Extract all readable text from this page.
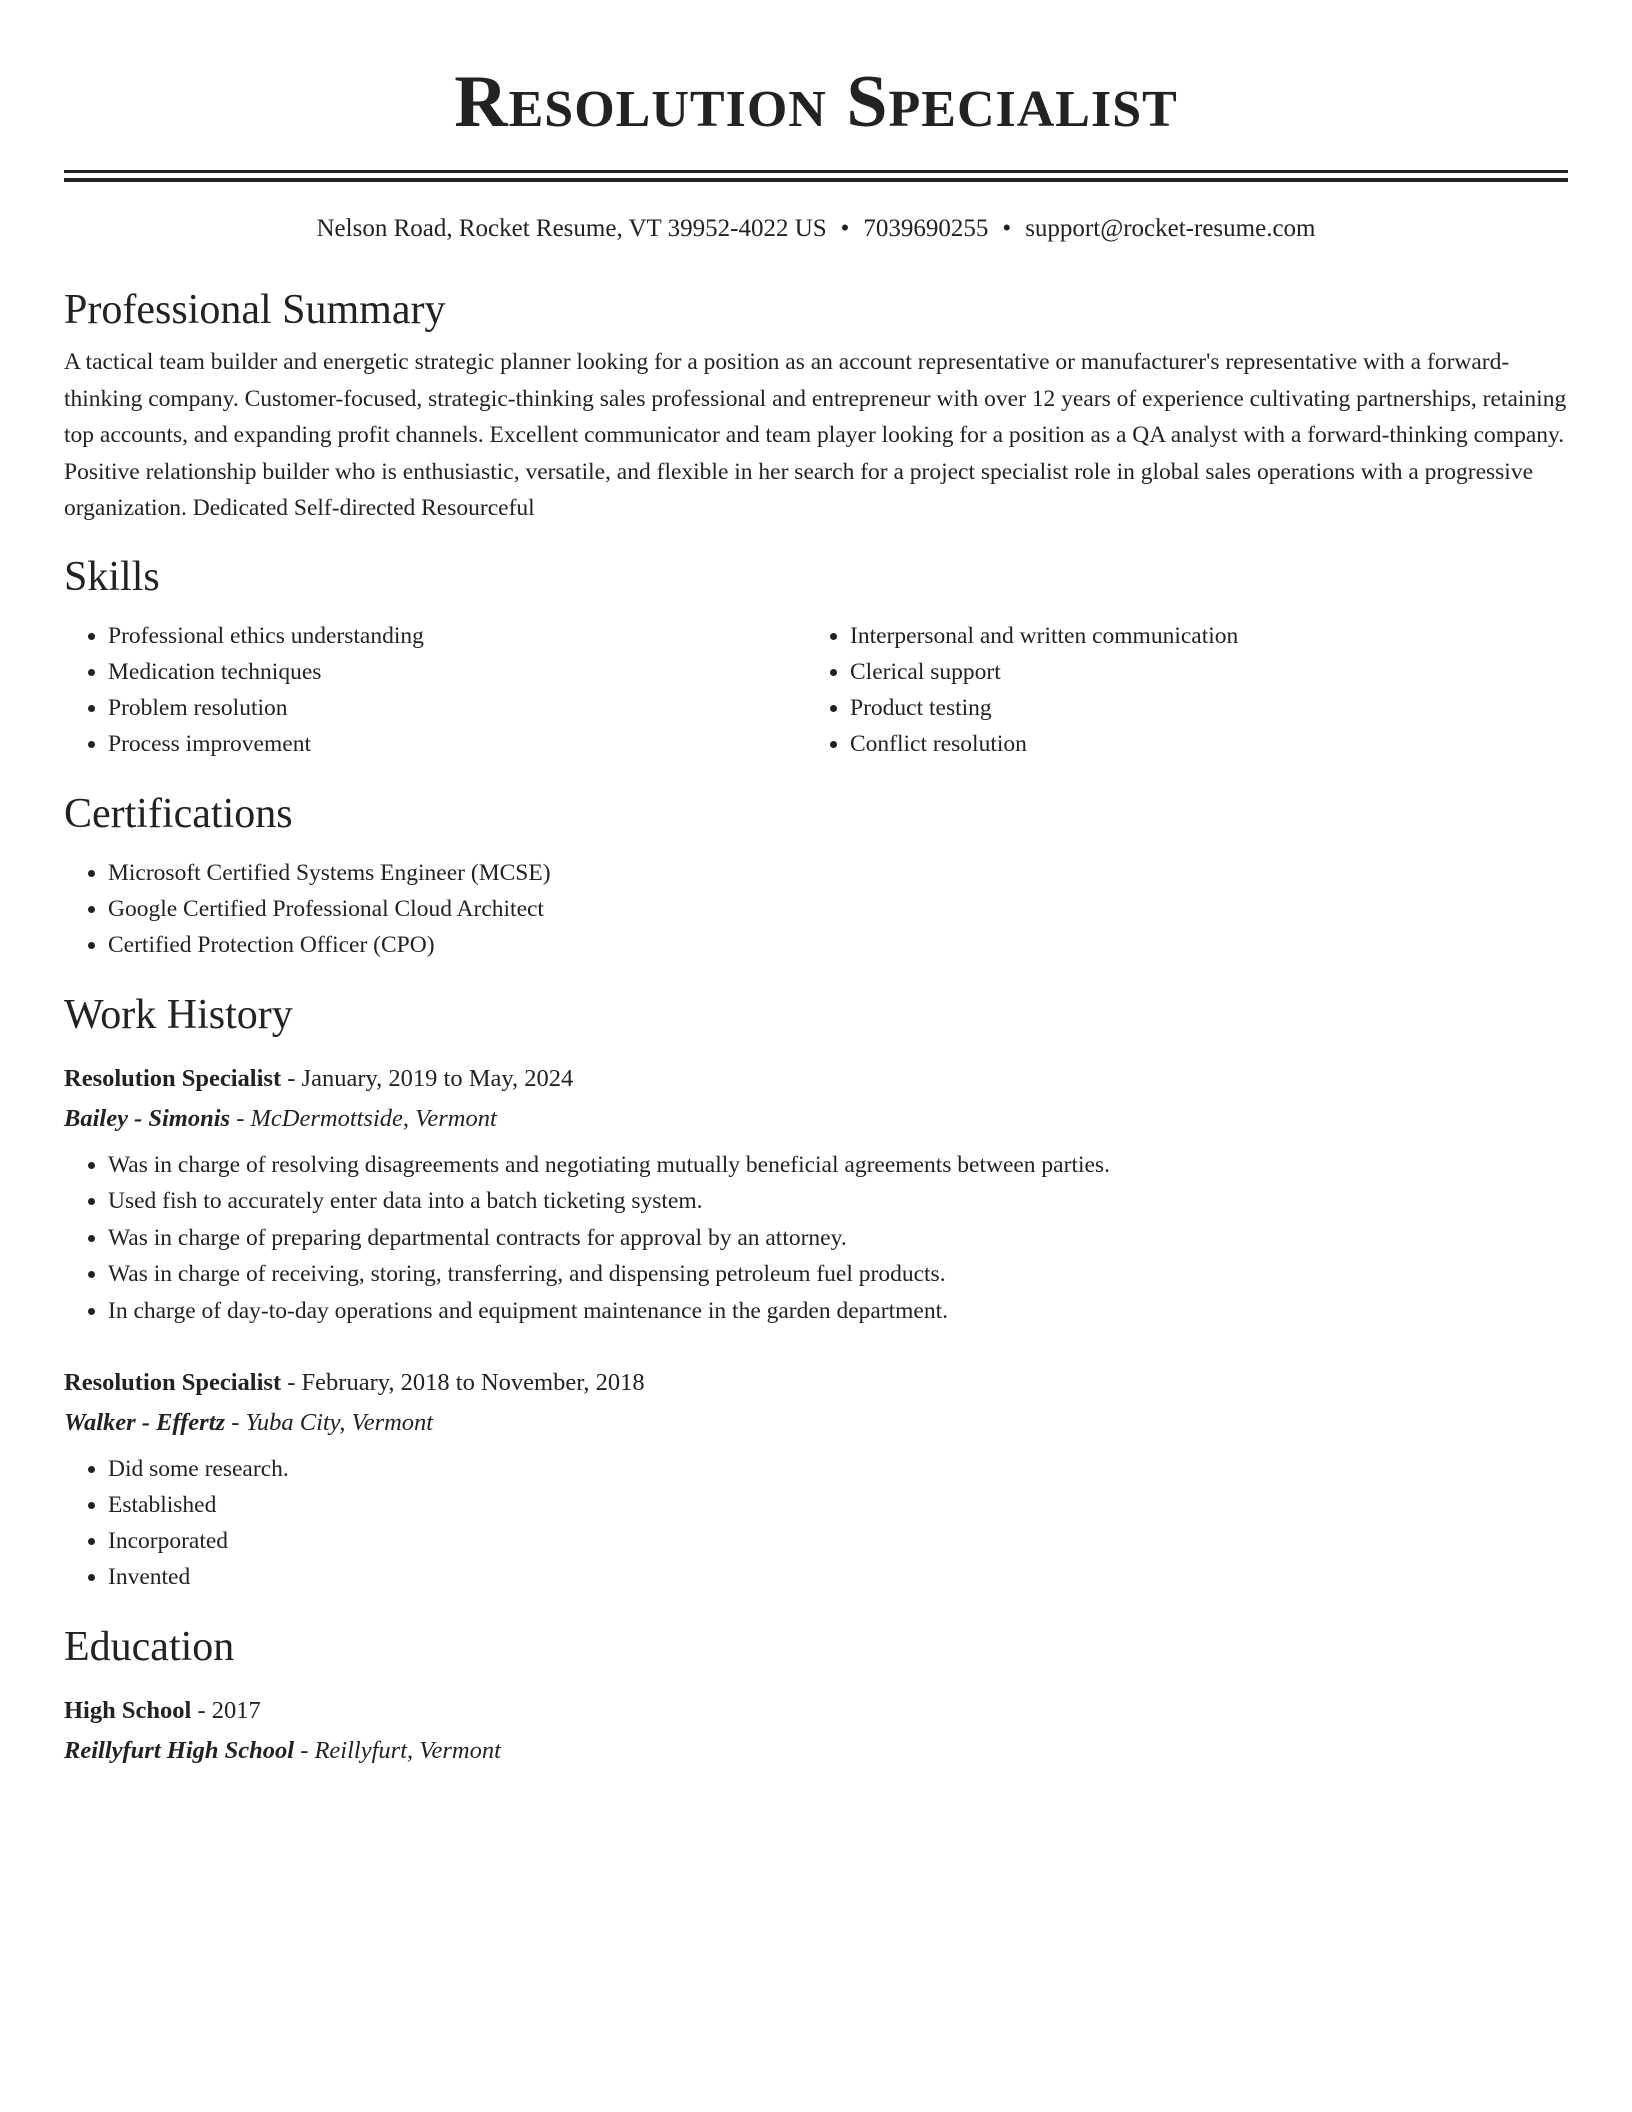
Resolution Specialist
Nelson Road, Rocket Resume, VT 39952-4022 US • 7039690255 • support@rocket-resume.com
Professional Summary

A tactical team builder and energetic strategic planner looking for a position as an account representative or manufacturer's representative with a forward-thinking company. Customer-focused, strategic-thinking sales professional and entrepreneur with over 12 years of experience cultivating partnerships, retaining top accounts, and expanding profit channels. Excellent communicator and team player looking for a position as a QA analyst with a forward-thinking company. Positive relationship builder who is enthusiastic, versatile, and flexible in her search for a project specialist role in global sales operations with a progressive organization. Dedicated Self-directed Resourceful

Skills
• Professional ethics understanding
• Medication techniques
• Problem resolution
• Process improvement
• Interpersonal and written communication
• Clerical support
• Product testing
• Conflict resolution
Certifications
• Microsoft Certified Systems Engineer (MCSE)
• Google Certified Professional Cloud Architect
• Certified Protection Officer (CPO)
Work History
Resolution Specialist - January, 2019 to May, 2024
Bailey - Simonis - McDermottside, Vermont
• Was in charge of resolving disagreements and negotiating mutually beneficial agreements between parties.
• Used fish to accurately enter data into a batch ticketing system.
• Was in charge of preparing departmental contracts for approval by an attorney.
• Was in charge of receiving, storing, transferring, and dispensing petroleum fuel products.
• In charge of day-to-day operations and equipment maintenance in the garden department.
Resolution Specialist - February, 2018 to November, 2018
Walker - Effertz - Yuba City, Vermont
• Did some research.
• Established
• Incorporated
• Invented
Education
High School - 2017
Reillyfurt High School - Reillyfurt, Vermont
